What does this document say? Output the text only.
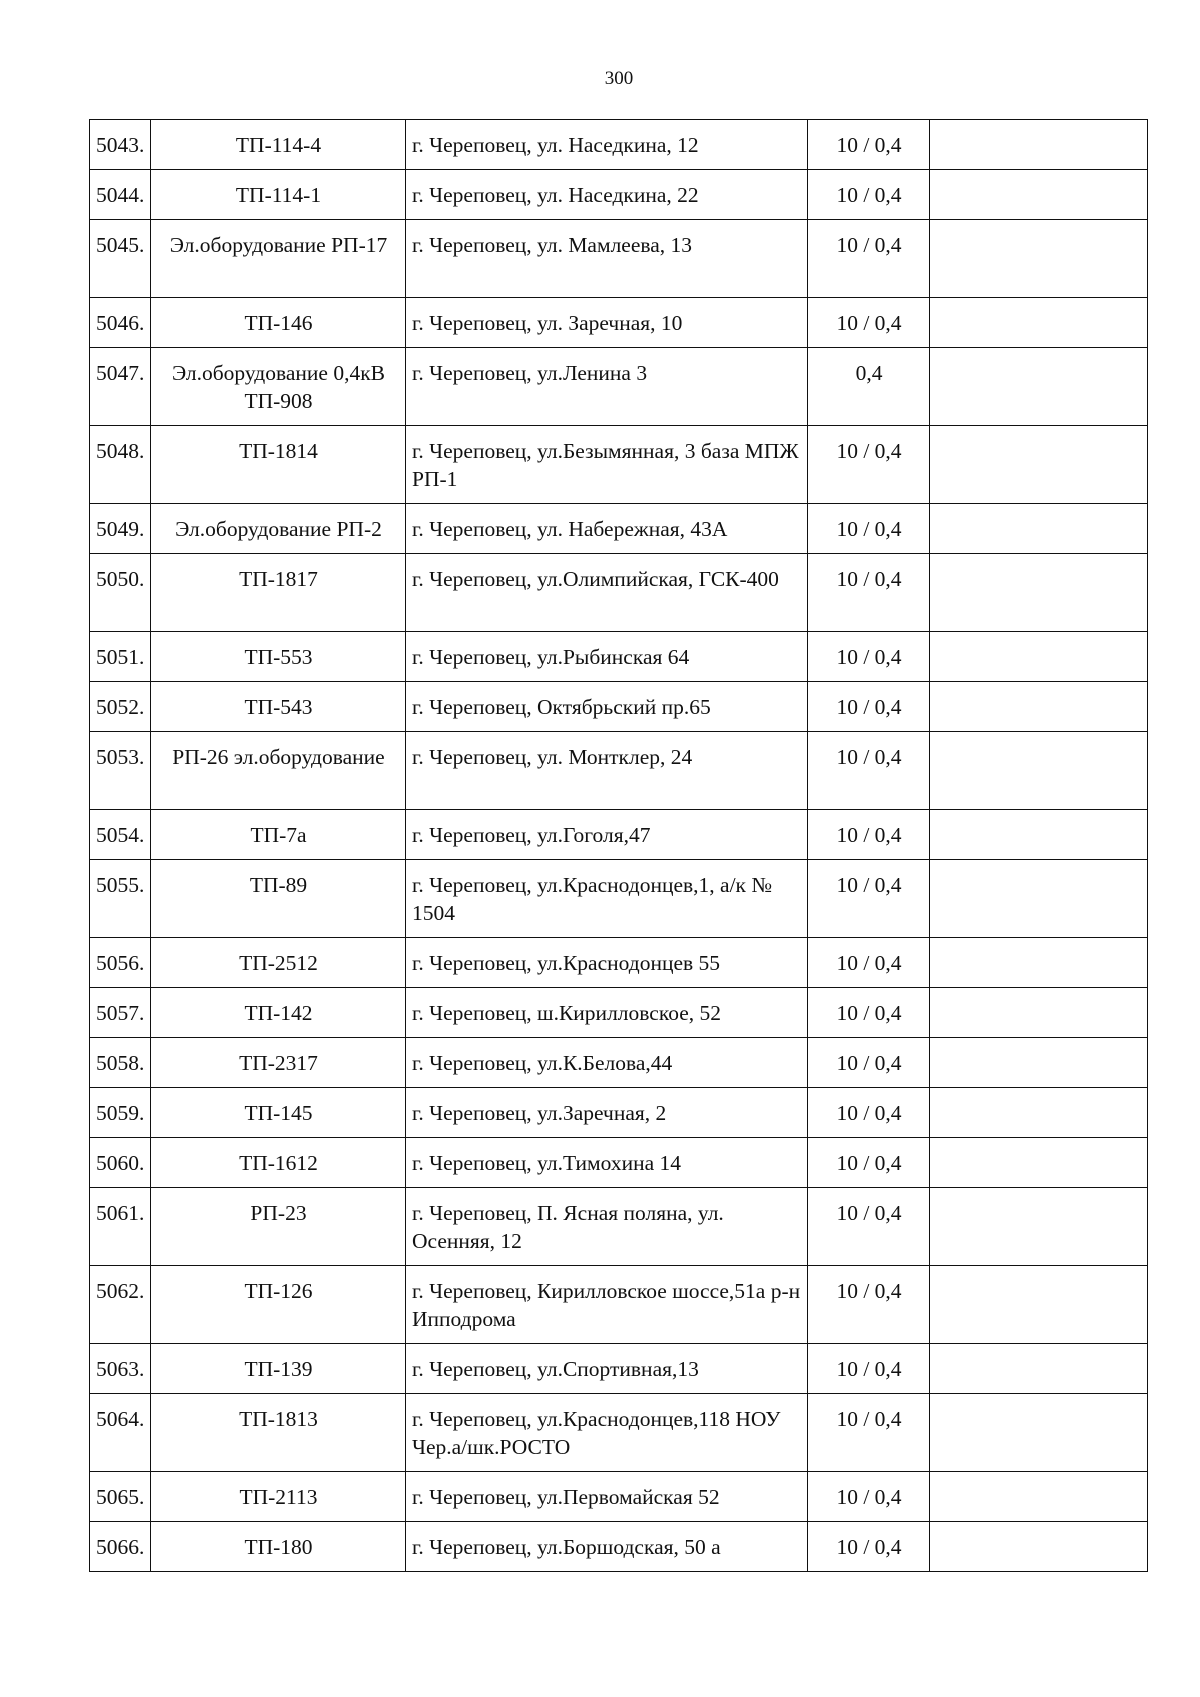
300
5043.	ТП-114-4	г. Череповец, ул. Наседкина, 12	10 / 0,4	
5044.	ТП-114-1	г. Череповец, ул. Наседкина, 22	10 / 0,4	
5045.	Эл.оборудование РП-17	г. Череповец, ул. Мамлеева, 13	10 / 0,4	
5046.	ТП-146	г. Череповец, ул. Заречная, 10	10 / 0,4	
5047.	Эл.оборудование 0,4кВ ТП-908	г. Череповец, ул.Ленина 3	0,4	
5048.	ТП-1814	г. Череповец, ул.Безымянная, 3 база МПЖ РП-1	10 / 0,4	
5049.	Эл.оборудование РП-2	г. Череповец, ул. Набережная, 43А	10 / 0,4	
5050.	ТП-1817	г. Череповец, ул.Олимпийская, ГСК-400	10 / 0,4	
5051.	ТП-553	г. Череповец, ул.Рыбинская 64	10 / 0,4	
5052.	ТП-543	г. Череповец, Октябрьский пр.65	10 / 0,4	
5053.	РП-26 эл.оборудование	г. Череповец, ул. Монтклер, 24	10 / 0,4	
5054.	ТП-7а	г. Череповец, ул.Гоголя,47	10 / 0,4	
5055.	ТП-89	г. Череповец, ул.Краснодонцев,1, а/к № 1504	10 / 0,4	
5056.	ТП-2512	г. Череповец, ул.Краснодонцев 55	10 / 0,4	
5057.	ТП-142	г. Череповец, ш.Кирилловское, 52	10 / 0,4	
5058.	ТП-2317	г. Череповец, ул.К.Белова,44	10 / 0,4	
5059.	ТП-145	г. Череповец, ул.Заречная, 2	10 / 0,4	
5060.	ТП-1612	г. Череповец, ул.Тимохина 14	10 / 0,4	
5061.	РП-23	г. Череповец, П. Ясная поляна, ул. Осенняя, 12	10 / 0,4	
5062.	ТП-126	г. Череповец, Кирилловское шоссе,51а р-н Ипподрома	10 / 0,4	
5063.	ТП-139	г. Череповец, ул.Спортивная,13	10 / 0,4	
5064.	ТП-1813	г. Череповец, ул.Краснодонцев,118 НОУ Чер.а/шк.РОСТО	10 / 0,4	
5065.	ТП-2113	г. Череповец, ул.Первомайская 52	10 / 0,4	
5066.	ТП-180	г. Череповец, ул.Боршодская, 50 а	10 / 0,4	
